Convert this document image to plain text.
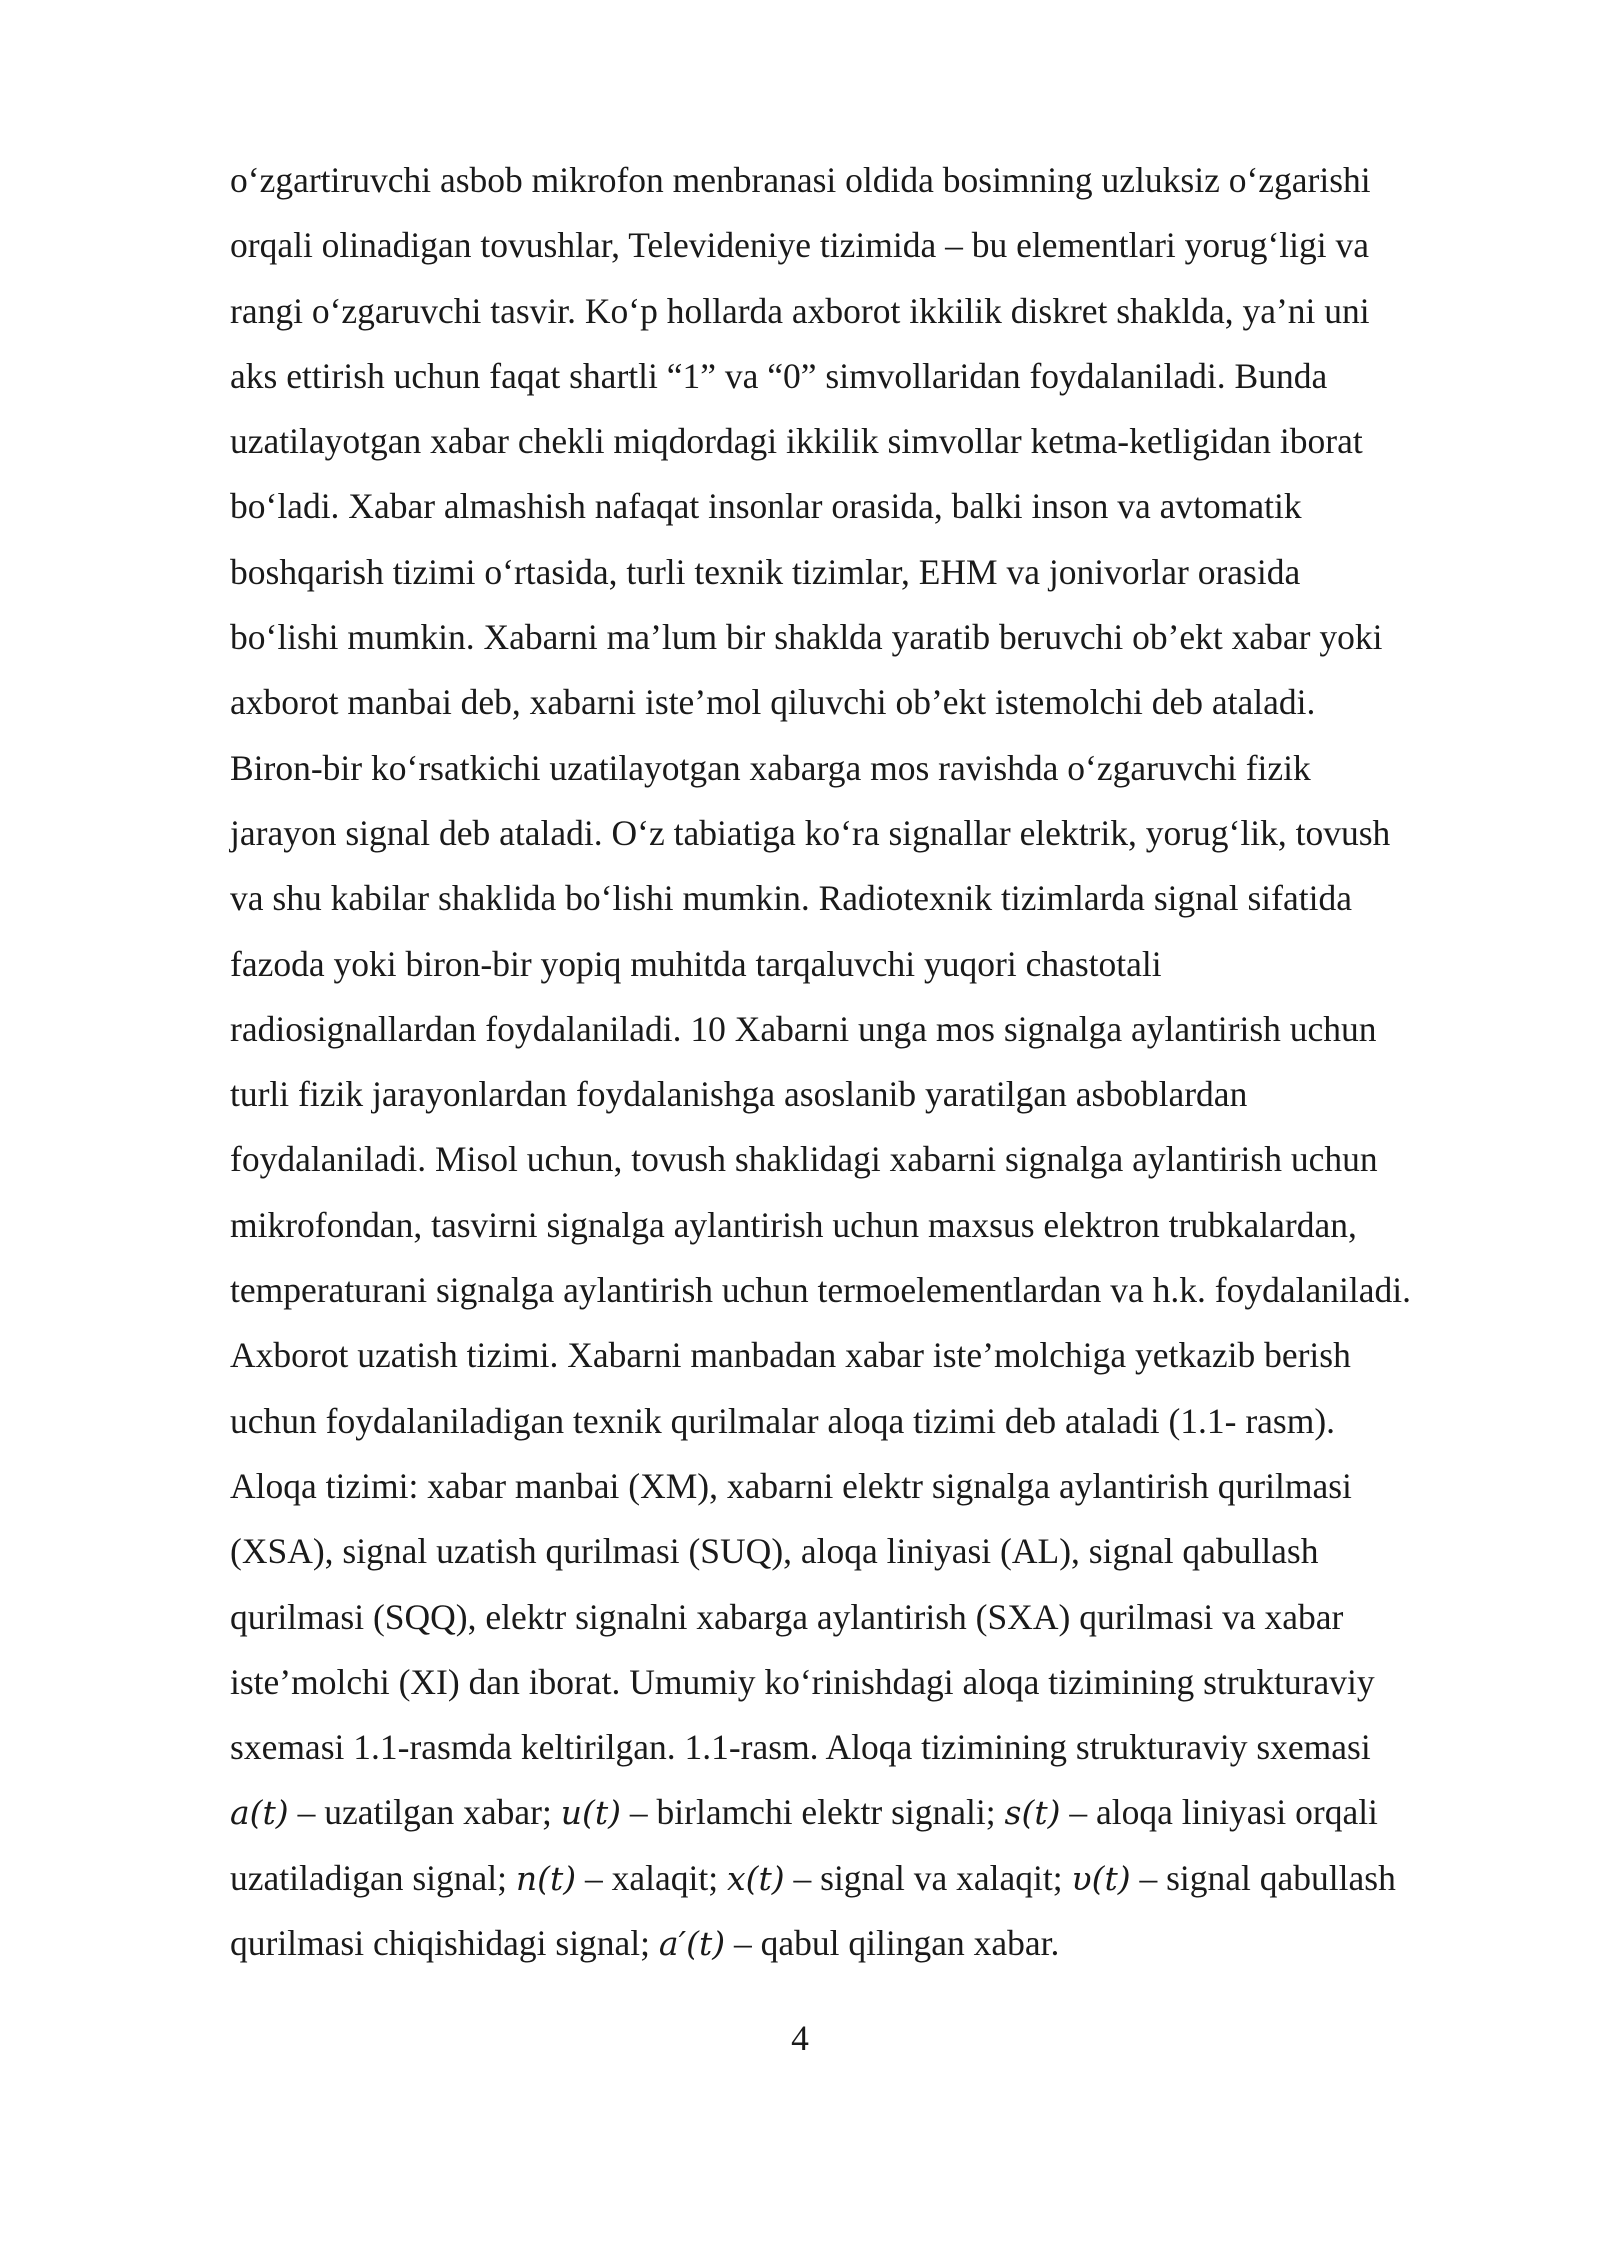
o‘zgartiruvchi asbob mikrofon menbranasi oldida bosimning uzluksiz o‘zgarishi
orqali olinadigan tovushlar, Televideniye tizimida – bu elementlari yorug‘ligi va
rangi o‘zgaruvchi tasvir. Ko‘p hollarda axborot ikkilik diskret shaklda, ya’ni uni
aks ettirish uchun faqat shartli “1” va “0” simvollaridan foydalaniladi. Bunda
uzatilayotgan xabar chekli miqdordagi ikkilik simvollar ketma-ketligidan iborat
bo‘ladi. Xabar almashish nafaqat insonlar orasida, balki inson va avtomatik
boshqarish tizimi o‘rtasida, turli texnik tizimlar, EHM va jonivorlar orasida
bo‘lishi mumkin. Xabarni ma’lum bir shaklda yaratib beruvchi ob’ekt xabar yoki
axborot manbai deb, xabarni iste’mol qiluvchi ob’ekt istemolchi deb ataladi.
Biron-bir ko‘rsatkichi uzatilayotgan xabarga mos ravishda o‘zgaruvchi fizik
jarayon signal deb ataladi. O‘z tabiatiga ko‘ra signallar elektrik, yorug‘lik, tovush
va shu kabilar shaklida bo‘lishi mumkin. Radiotexnik tizimlarda signal sifatida
fazoda yoki biron-bir yopiq muhitda tarqaluvchi yuqori chastotali
radiosignallardan foydalaniladi. 10 Xabarni unga mos signalga aylantirish uchun
turli fizik jarayonlardan foydalanishga asoslanib yaratilgan asboblardan
foydalaniladi. Misol uchun, tovush shaklidagi xabarni signalga aylantirish uchun
mikrofondan, tasvirni signalga aylantirish uchun maxsus elektron trubkalardan,
temperaturani signalga aylantirish uchun termoelementlardan va h.k. foydalaniladi.
Axborot uzatish tizimi. Xabarni manbadan xabar iste’molchiga yetkazib berish
uchun foydalaniladigan texnik qurilmalar aloqa tizimi deb ataladi (1.1- rasm).
Aloqa tizimi: xabar manbai (XM), xabarni elektr signalga aylantirish qurilmasi
(XSA), signal uzatish qurilmasi (SUQ), aloqa liniyasi (AL), signal qabullash
qurilmasi (SQQ), elektr signalni xabarga aylantirish (SXA) qurilmasi va xabar
iste’molchi (XI) dan iborat. Umumiy ko‘rinishdagi aloqa tizimining strukturaviy
sxemasi 1.1-rasmda keltirilgan. 1.1-rasm. Aloqa tizimining strukturaviy sxemasi
a(t) – uzatilgan xabar; u(t) – birlamchi elektr signali; s(t) – aloqa liniyasi orqali
uzatiladigan signal; n(t) – xalaqit; x(t) – signal va xalaqit; υ(t) – signal qabullash
qurilmasi chiqishidagi signal; a′(t) – qabul qilingan xabar.
4
